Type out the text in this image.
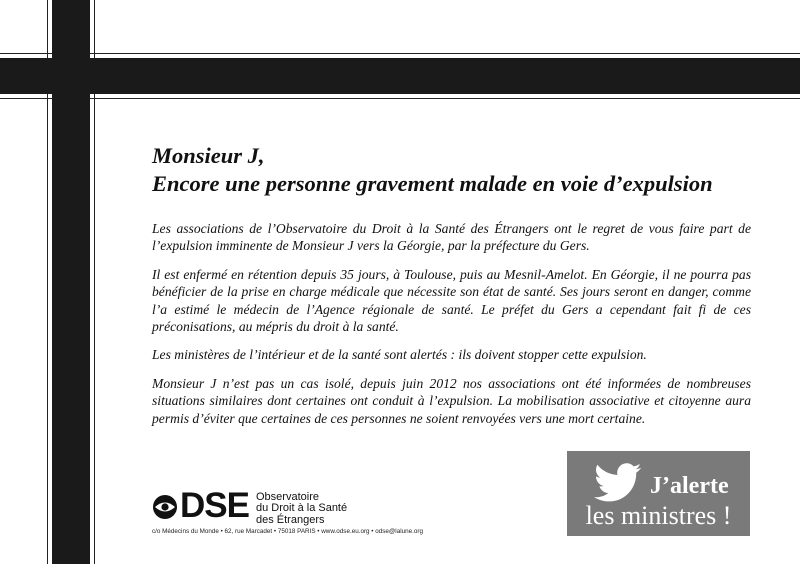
Monsieur J,
Encore une personne gravement malade en voie d’expulsion

Les associations de l’Observatoire du Droit à la Santé des Étrangers ont le regret de vous faire part de l’expulsion imminente de Monsieur J vers la Géorgie, par la préfecture du Gers.

Il est enfermé en rétention depuis 35 jours, à Toulouse, puis au Mesnil-Amelot. En Géorgie, il ne pourra pas bénéficier de la prise en charge médicale que nécessite son état de santé. Ses jours seront en danger, comme l’a estimé le médecin de l’Agence régionale de santé. Le préfet du Gers a cependant fait fi de ces préconisations, au mépris du droit à la santé.

Les ministères de l’intérieur et de la santé sont alertés : ils doivent stopper cette expulsion.

Monsieur J n’est pas un cas isolé, depuis juin 2012 nos associations ont été informées de nombreuses situations similaires dont certaines ont conduit à l’expulsion. La mobilisation associative et citoyenne aura permis d’éviter que certaines de ces personnes ne soient renvoyées vers une mort certaine.

J’alerte
les ministres !
DSE Observatoire
du Droit à la Santé
des Étrangers
c/o Médecins du Monde • 62, rue Marcadet • 75018 PARIS • www.odse.eu.org • odse@lalune.org
